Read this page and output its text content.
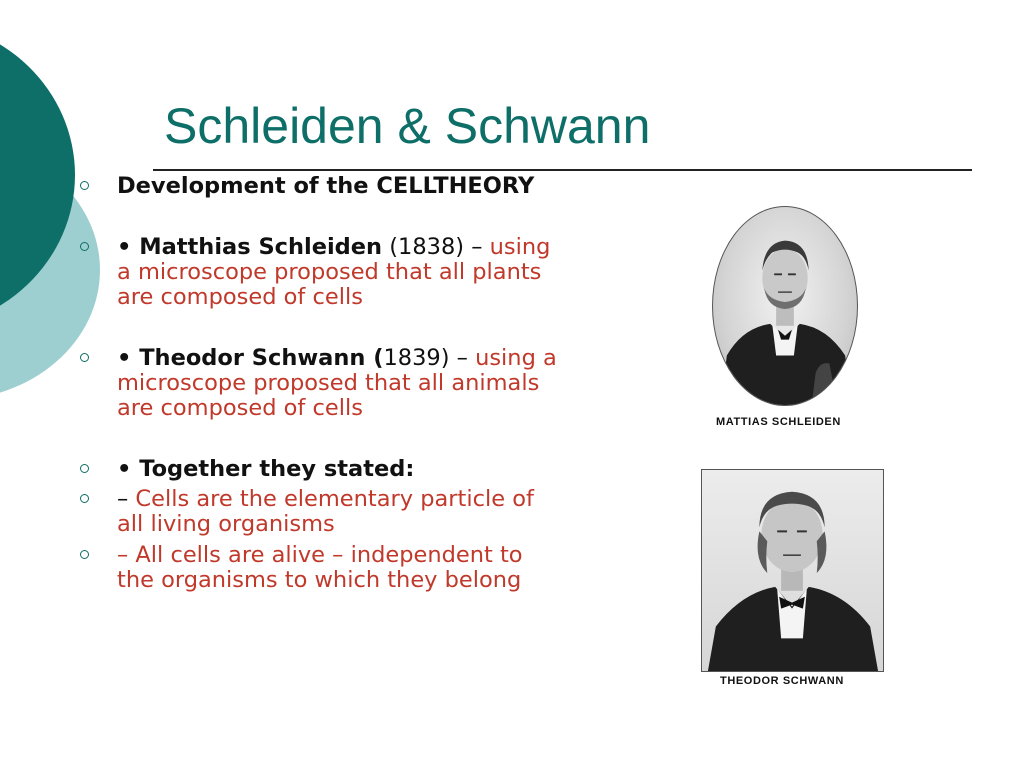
Schleiden & Schwann
Development of the CELLTHEORY
• Matthias Schleiden (1838) – using
a microscope proposed that all plants
are composed of cells
• Theodor Schwann (1839) – using a
microscope proposed that all animals
are composed of cells
• Together they stated:
– Cells are the elementary particle of
all living organisms
– All cells are alive – independent to
the organisms to which they belong

MATTIAS SCHLEIDEN

THEODOR SCHWANN
